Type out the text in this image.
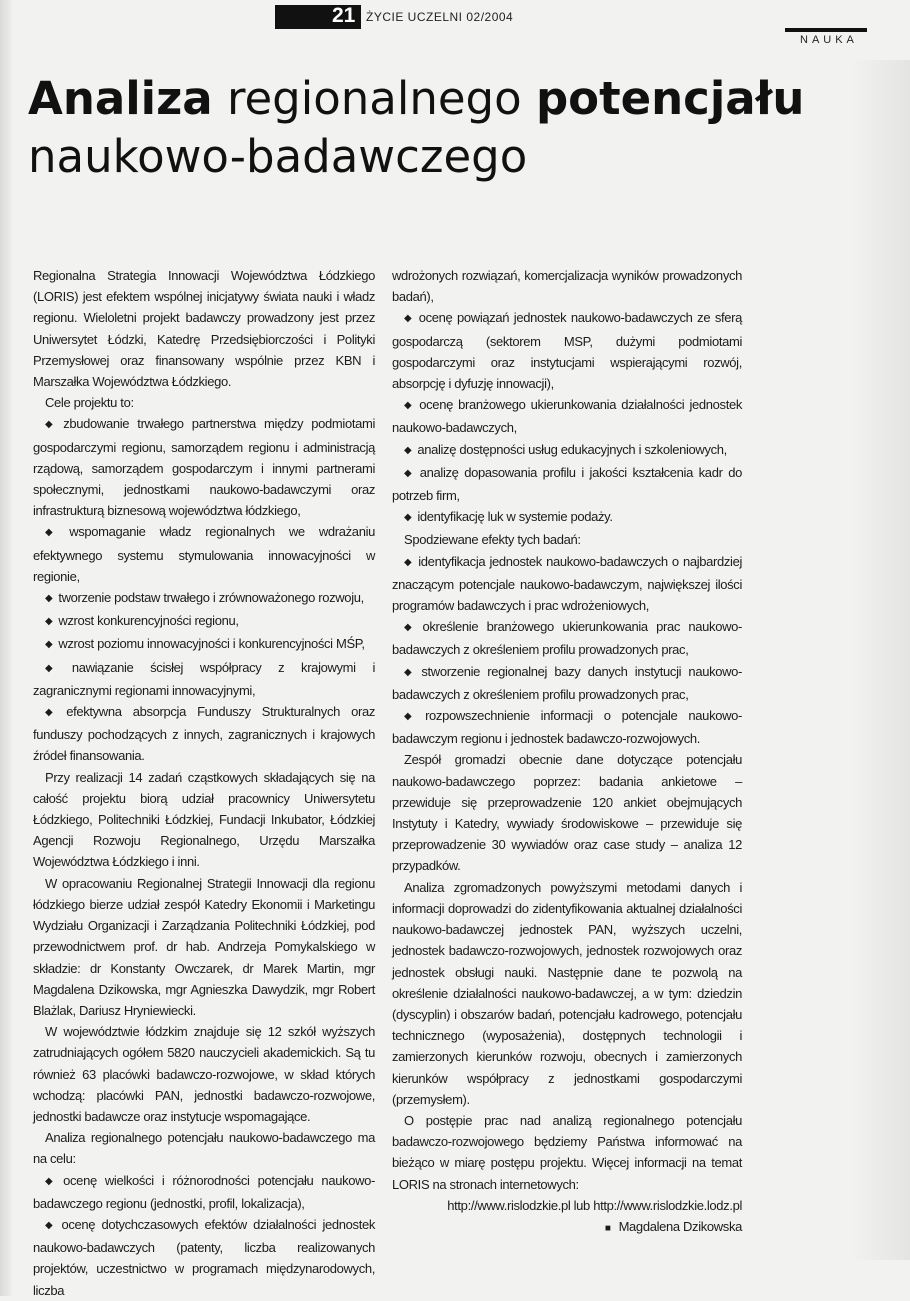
21 ŻYCIE UCZELNI 02/2004
NAUKA
Analiza regionalnego potencjału
naukowo-badawczego

Regionalna Strategia Innowacji Województwa Łódzkiego (LORIS) jest efektem wspólnej inicjatywy świata nauki i władz regionu. Wieloletni projekt badawczy prowadzony jest przez Uniwersytet Łódzki, Katedrę Przedsiębiorczości i Polityki Przemysłowej oraz finansowany wspólnie przez KBN i Marszałka Województwa Łódzkiego.

Cele projektu to:

◆ zbudowanie trwałego partnerstwa między podmiotami gospodarczymi regionu, samorządem regionu i administracją rządową, samorządem gospodarczym i innymi partnerami społecznymi, jednostkami naukowo-badawczymi oraz infrastrukturą biznesową województwa łódzkiego,

◆ wspomaganie władz regionalnych we wdrażaniu efektywnego systemu stymulowania innowacyjności w regionie,

◆ tworzenie podstaw trwałego i zrównoważonego rozwoju,

◆ wzrost konkurencyjności regionu,

◆ wzrost poziomu innowacyjności i konkurencyjności MŚP,

◆ nawiązanie ścisłej współpracy z krajowymi i zagranicznymi regionami innowacyjnymi,

◆ efektywna absorpcja Funduszy Strukturalnych oraz funduszy pochodzących z innych, zagranicznych i krajowych źródeł finansowania.

Przy realizacji 14 zadań cząstkowych składających się na całość projektu biorą udział pracownicy Uniwersytetu Łódzkiego, Politechniki Łódzkiej, Fundacji Inkubator, Łódzkiej Agencji Rozwoju Regionalnego, Urzędu Marszałka Województwa Łódzkiego i inni.

W opracowaniu Regionalnej Strategii Innowacji dla regionu łódzkiego bierze udział zespół Katedry Ekonomii i Marketingu Wydziału Organizacji i Zarządzania Politechniki Łódzkiej, pod przewodnictwem prof. dr hab. Andrzeja Pomykalskiego w składzie: dr Konstanty Owczarek, dr Marek Martin, mgr Magdalena Dzikowska, mgr Agnieszka Dawydzik, mgr Robert Blażlak, Dariusz Hryniewiecki.

W województwie łódzkim znajduje się 12 szkół wyższych zatrudniających ogółem 5820 nauczycieli akademickich. Są tu również 63 placówki badawczo-rozwojowe, w skład których wchodzą: placówki PAN, jednostki badawczo-rozwojowe, jednostki badawcze oraz instytucje wspomagające.

Analiza regionalnego potencjału naukowo-badawczego ma na celu:

◆ ocenę wielkości i różnorodności potencjału naukowo-badawczego regionu (jednostki, profil, lokalizacja),

◆ ocenę dotychczasowych efektów działalności jednostek naukowo-badawczych (patenty, liczba realizowanych projektów, uczestnictwo w programach międzynarodowych, liczba

wdrożonych rozwiązań, komercjalizacja wyników prowadzonych badań),

◆ ocenę powiązań jednostek naukowo-badawczych ze sferą gospodarczą (sektorem MSP, dużymi podmiotami gospodarczymi oraz instytucjami wspierającymi rozwój, absorpcję i dyfuzję innowacji),

◆ ocenę branżowego ukierunkowania działalności jednostek naukowo-badawczych,

◆ analizę dostępności usług edukacyjnych i szkoleniowych,

◆ analizę dopasowania profilu i jakości kształcenia kadr do potrzeb firm,

◆ identyfikację luk w systemie podaży.

Spodziewane efekty tych badań:

◆ identyfikacja jednostek naukowo-badawczych o najbardziej znaczącym potencjale naukowo-badawczym, największej ilości programów badawczych i prac wdrożeniowych,

◆ określenie branżowego ukierunkowania prac naukowo-badawczych z określeniem profilu prowadzonych prac,

◆ stworzenie regionalnej bazy danych instytucji naukowo-badawczych z określeniem profilu prowadzonych prac,

◆ rozpowszechnienie informacji o potencjale naukowo-badawczym regionu i jednostek badawczo-rozwojowych.

Zespół gromadzi obecnie dane dotyczące potencjału naukowo-badawczego poprzez: badania ankietowe – przewiduje się przeprowadzenie 120 ankiet obejmujących Instytuty i Katedry, wywiady środowiskowe – przewiduje się przeprowadzenie 30 wywiadów oraz case study – analiza 12 przypadków.

Analiza zgromadzonych powyższymi metodami danych i informacji doprowadzi do zidentyfikowania aktualnej działalności naukowo-badawczej jednostek PAN, wyższych uczelni, jednostek badawczo-rozwojowych, jednostek rozwojowych oraz jednostek obsługi nauki. Następnie dane te pozwolą na określenie działalności naukowo-badawczej, a w tym: dziedzin (dyscyplin) i obszarów badań, potencjału kadrowego, potencjału technicznego (wyposażenia), dostępnych technologii i zamierzonych kierunków rozwoju, obecnych i zamierzonych kierunków współpracy z jednostkami gospodarczymi (przemysłem).

O postępie prac nad analizą regionalnego potencjału badawczo-rozwojowego będziemy Państwa informować na bieżąco w miarę postępu projektu. Więcej informacji na temat LORIS na stronach internetowych:

http://www.rislodzkie.pl lub http://www.rislodzkie.lodz.pl

■ Magdalena Dzikowska
